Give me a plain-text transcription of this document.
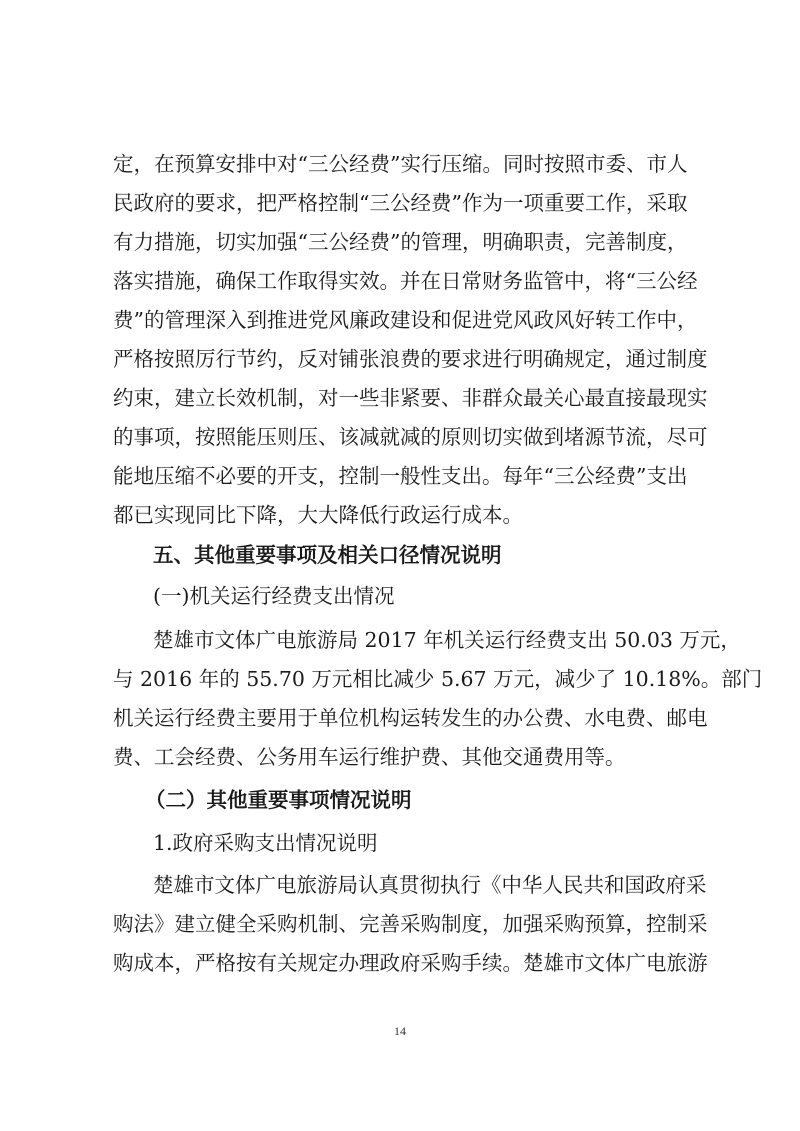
定，在预算安排中对“三公经费”实行压缩。同时按照市委、市人
民政府的要求，把严格控制“三公经费”作为一项重要工作，采取
有力措施，切实加强“三公经费”的管理，明确职责，完善制度，
落实措施，确保工作取得实效。并在日常财务监管中，将“三公经
费”的管理深入到推进党风廉政建设和促进党风政风好转工作中，
严格按照厉行节约，反对铺张浪费的要求进行明确规定，通过制度
约束，建立长效机制，对一些非紧要、非群众最关心最直接最现实
的事项，按照能压则压、该减就减的原则切实做到堵源节流，尽可
能地压缩不必要的开支，控制一般性支出。每年“三公经费”支出
都已实现同比下降，大大降低行政运行成本。
五、其他重要事项及相关口径情况说明
(一)机关运行经费支出情况
楚雄市文体广电旅游局 2017 年机关运行经费支出 50.03 万元，
与 2016 年的 55.70 万元相比减少 5.67 万元，减少了 10.18%。部门
机关运行经费主要用于单位机构运转发生的办公费、水电费、邮电
费、工会经费、公务用车运行维护费、其他交通费用等。
（二）其他重要事项情况说明
1.政府采购支出情况说明
楚雄市文体广电旅游局认真贯彻执行《中华人民共和国政府采
购法》建立健全采购机制、完善采购制度，加强采购预算，控制采
购成本，严格按有关规定办理政府采购手续。楚雄市文体广电旅游
14
